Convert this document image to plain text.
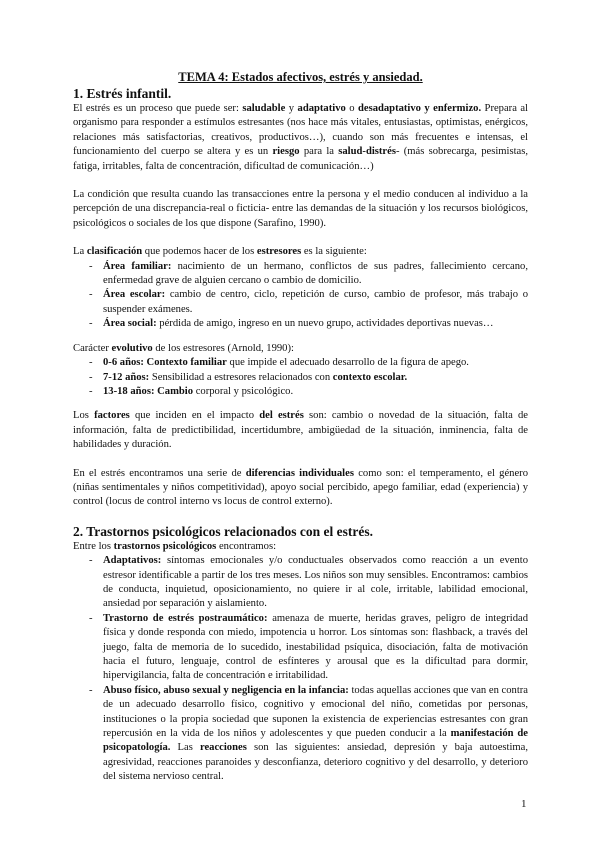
TEMA 4: Estados afectivos, estrés y ansiedad.
1. Estrés infantil.

El estrés es un proceso que puede ser: saludable y adaptativo o desadaptativo y enfermizo. Prepara al organismo para responder a estímulos estresantes (nos hace más vitales, entusiastas, optimistas, enérgicos, relaciones más satisfactorias, creativos, productivos…), cuando son más frecuentes e intensas, el funcionamiento del cuerpo se altera y es un riesgo para la salud-distrés- (más sobrecarga, pesimistas, fatiga, irritables, falta de concentración, dificultad de comunicación…)

La condición que resulta cuando las transacciones entre la persona y el medio conducen al individuo a la percepción de una discrepancia-real o ficticia- entre las demandas de la situación y los recursos biológicos, psicológicos o sociales de los que dispone (Sarafino, 1990).

La clasificación que podemos hacer de los estresores es la siguiente:

- Área familiar: nacimiento de un hermano, conflictos de sus padres, fallecimiento cercano, enfermedad grave de alguien cercano o cambio de domicilio.
- Área escolar: cambio de centro, ciclo, repetición de curso, cambio de profesor, más trabajo o suspender exámenes.
- Área social: pérdida de amigo, ingreso en un nuevo grupo, actividades deportivas nuevas…

Carácter evolutivo de los estresores (Arnold, 1990):

- 0-6 años: Contexto familiar que impide el adecuado desarrollo de la figura de apego.
- 7-12 años: Sensibilidad a estresores relacionados con contexto escolar.
- 13-18 años: Cambio corporal y psicológico.

Los factores que inciden en el impacto del estrés son: cambio o novedad de la situación, falta de información, falta de predictibilidad, incertidumbre, ambigüedad de la situación, inminencia, falta de habilidades y duración.

En el estrés encontramos una serie de diferencias individuales como son: el temperamento, el género (niñas sentimentales y niños competitividad), apoyo social percibido, apego familiar, edad (experiencia) y control (locus de control interno vs locus de control externo).

2. Trastornos psicológicos relacionados con el estrés.

Entre los trastornos psicológicos encontramos:

- Adaptativos: síntomas emocionales y/o conductuales observados como reacción a un evento estresor identificable a partir de los tres meses. Los niños son muy sensibles. Encontramos: cambios de conducta, inquietud, oposicionamiento, no quiere ir al cole, irritable, labilidad emocional, ansiedad por separación y aislamiento.
- Trastorno de estrés postraumático: amenaza de muerte, heridas graves, peligro de integridad física y donde responda con miedo, impotencia u horror. Los síntomas son: flashback, a través del juego, falta de memoria de lo sucedido, inestabilidad psíquica, disociación, falta de motivación hacia el futuro, lenguaje, control de esfínteres y arousal que es la dificultad para dormir, hipervigilancia, falta de concentración e irritabilidad.
- Abuso físico, abuso sexual y negligencia en la infancia: todas aquellas acciones que van en contra de un adecuado desarrollo físico, cognitivo y emocional del niño, cometidas por personas, instituciones o la propia sociedad que suponen la existencia de experiencias estresantes con gran repercusión en la vida de los niños y adolescentes y que pueden conducir a la manifestación de psicopatología. Las reacciones son las siguientes: ansiedad, depresión y baja autoestima, agresividad, reacciones paranoides y desconfianza, deterioro cognitivo y del desarrollo, y deterioro del sistema nervioso central.
1
